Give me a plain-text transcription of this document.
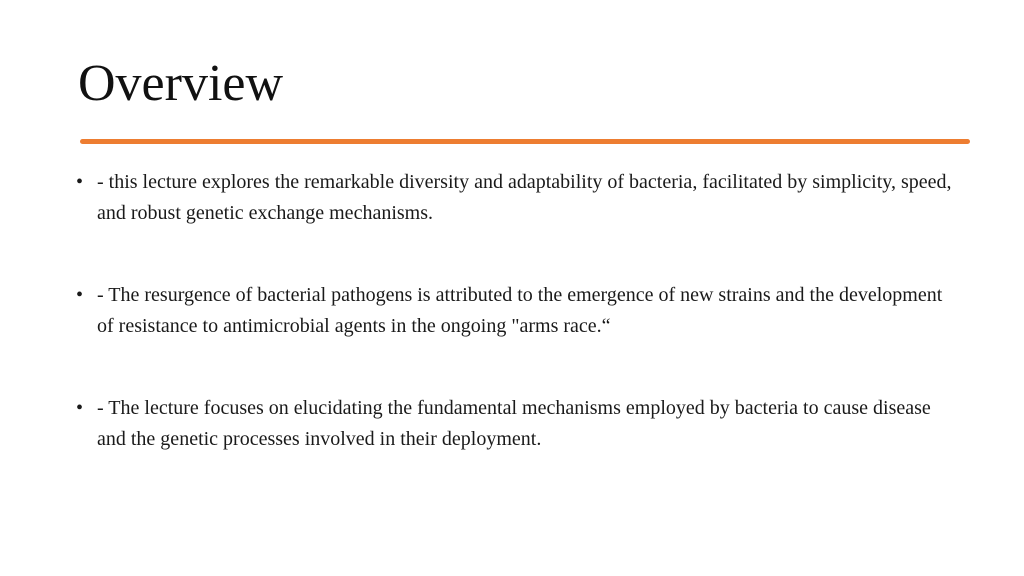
Overview
• - this lecture explores the remarkable diversity and adaptability of bacteria, facilitated by simplicity, speed, and robust genetic exchange mechanisms.
• - The resurgence of bacterial pathogens is attributed to the emergence of new strains and the development of resistance to antimicrobial agents in the ongoing "arms race.“
• - The lecture focuses on elucidating the fundamental mechanisms employed by bacteria to cause disease and the genetic processes involved in their deployment.
